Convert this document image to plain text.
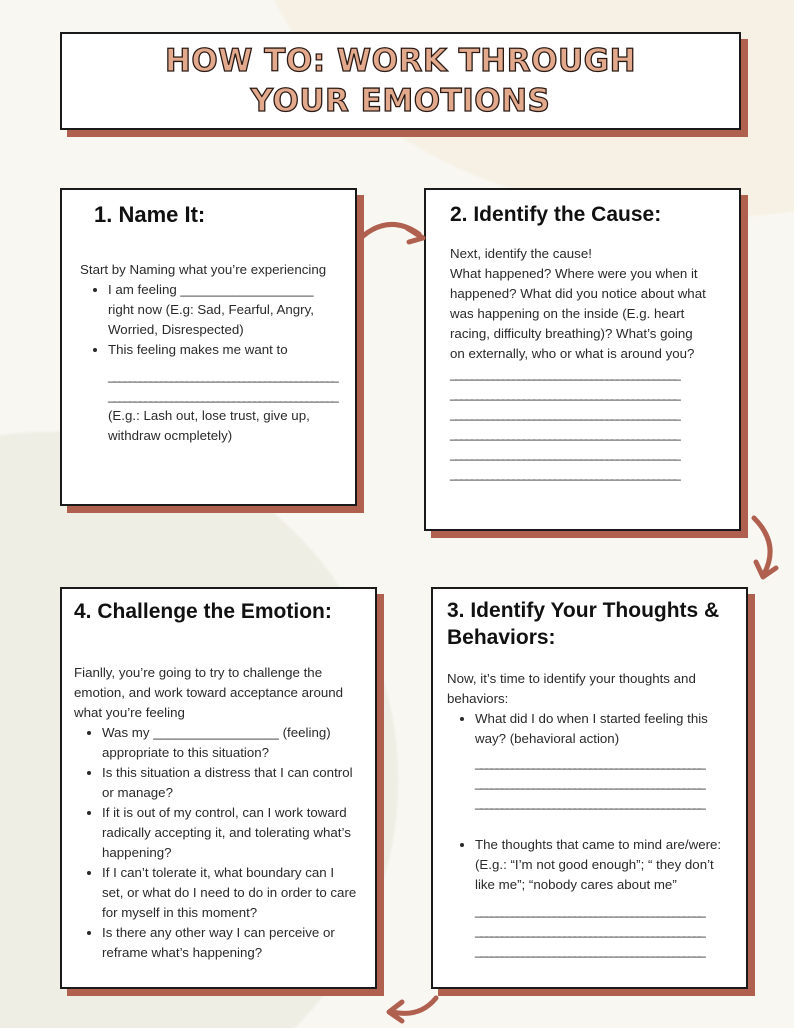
HOW TO: WORK THROUGH YOUR EMOTIONS
1. Name It:
Start by Naming what you’re experiencing
• I am feeling __________________ right now (E.g: Sad, Fearful, Angry, Worried, Disrespected)
• This feeling makes me want to
____________________________________________
____________________________________________
(E.g.: Lash out, lose trust, give up, withdraw ocmpletely)
2. Identify the Cause:
Next, identify the cause!
What happened? Where were you when it happened? What did you notice about what was happening on the inside (E.g. heart racing, difficulty breathing)? What’s going on externally, who or what is around you?
____________________________________________
____________________________________________
____________________________________________
____________________________________________
____________________________________________
____________________________________________
3. Identify Your Thoughts & Behaviors:
Now, it’s time to identify your thoughts and behaviors:
• What did I do when I started feeling this way? (behavioral action)
____________________________________________
____________________________________________
____________________________________________
• The thoughts that came to mind are/were: (E.g.: “I’m not good enough”; “ they don’t like me”; “nobody cares about me”
____________________________________________
____________________________________________
____________________________________________
4. Challenge the Emotion:
Fianlly, you’re going to try to challenge the emotion, and work toward acceptance around what you’re feeling
• Was my _________________ (feeling) appropriate to this situation?
• Is this situation a distress that I can control or manage?
• If it is out of my control, can I work toward radically accepting it, and tolerating what’s happening?
• If I can’t tolerate it, what boundary can I set, or what do I need to do in order to care for myself in this moment?
• Is there any other way I can perceive or reframe what’s happening?
